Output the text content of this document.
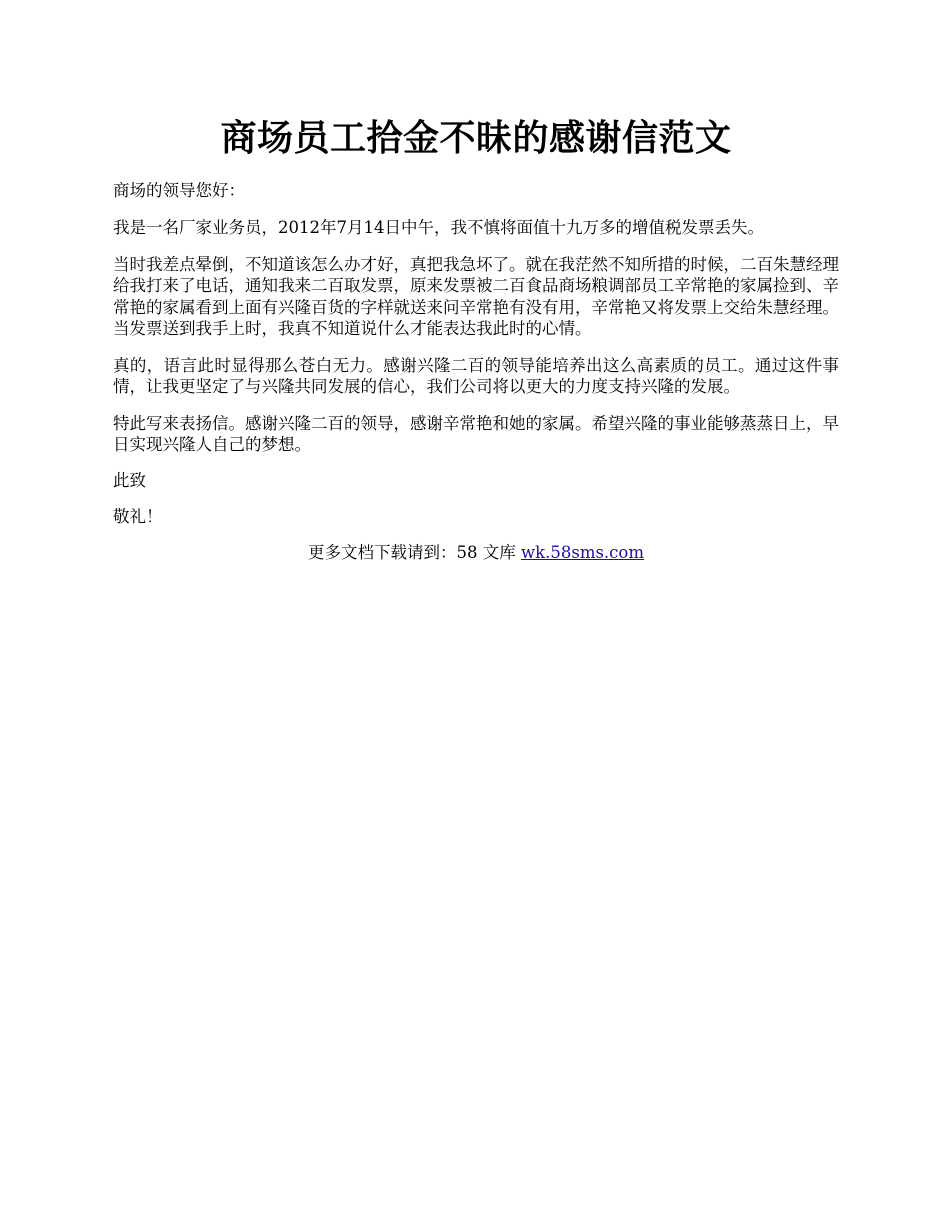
商场员工拾金不昧的感谢信范文

商场的领导您好：

我是一名厂家业务员，2012年7月14日中午，我不慎将面值十九万多的增值税发票丢失。

当时我差点晕倒，不知道该怎么办才好，真把我急坏了。就在我茫然不知所措的时候，二百朱慧经理给我打来了电话，通知我来二百取发票，原来发票被二百食品商场粮调部员工辛常艳的家属捡到、辛常艳的家属看到上面有兴隆百货的字样就送来问辛常艳有没有用，辛常艳又将发票上交给朱慧经理。当发票送到我手上时，我真不知道说什么才能表达我此时的心情。

真的，语言此时显得那么苍白无力。感谢兴隆二百的领导能培养出这么高素质的员工。通过这件事情，让我更坚定了与兴隆共同发展的信心，我们公司将以更大的力度支持兴隆的发展。

特此写来表扬信。感谢兴隆二百的领导，感谢辛常艳和她的家属。希望兴隆的事业能够蒸蒸日上，早日实现兴隆人自己的梦想。

此致

敬礼！

更多文档下载请到：58 文库 wk.58sms.com
